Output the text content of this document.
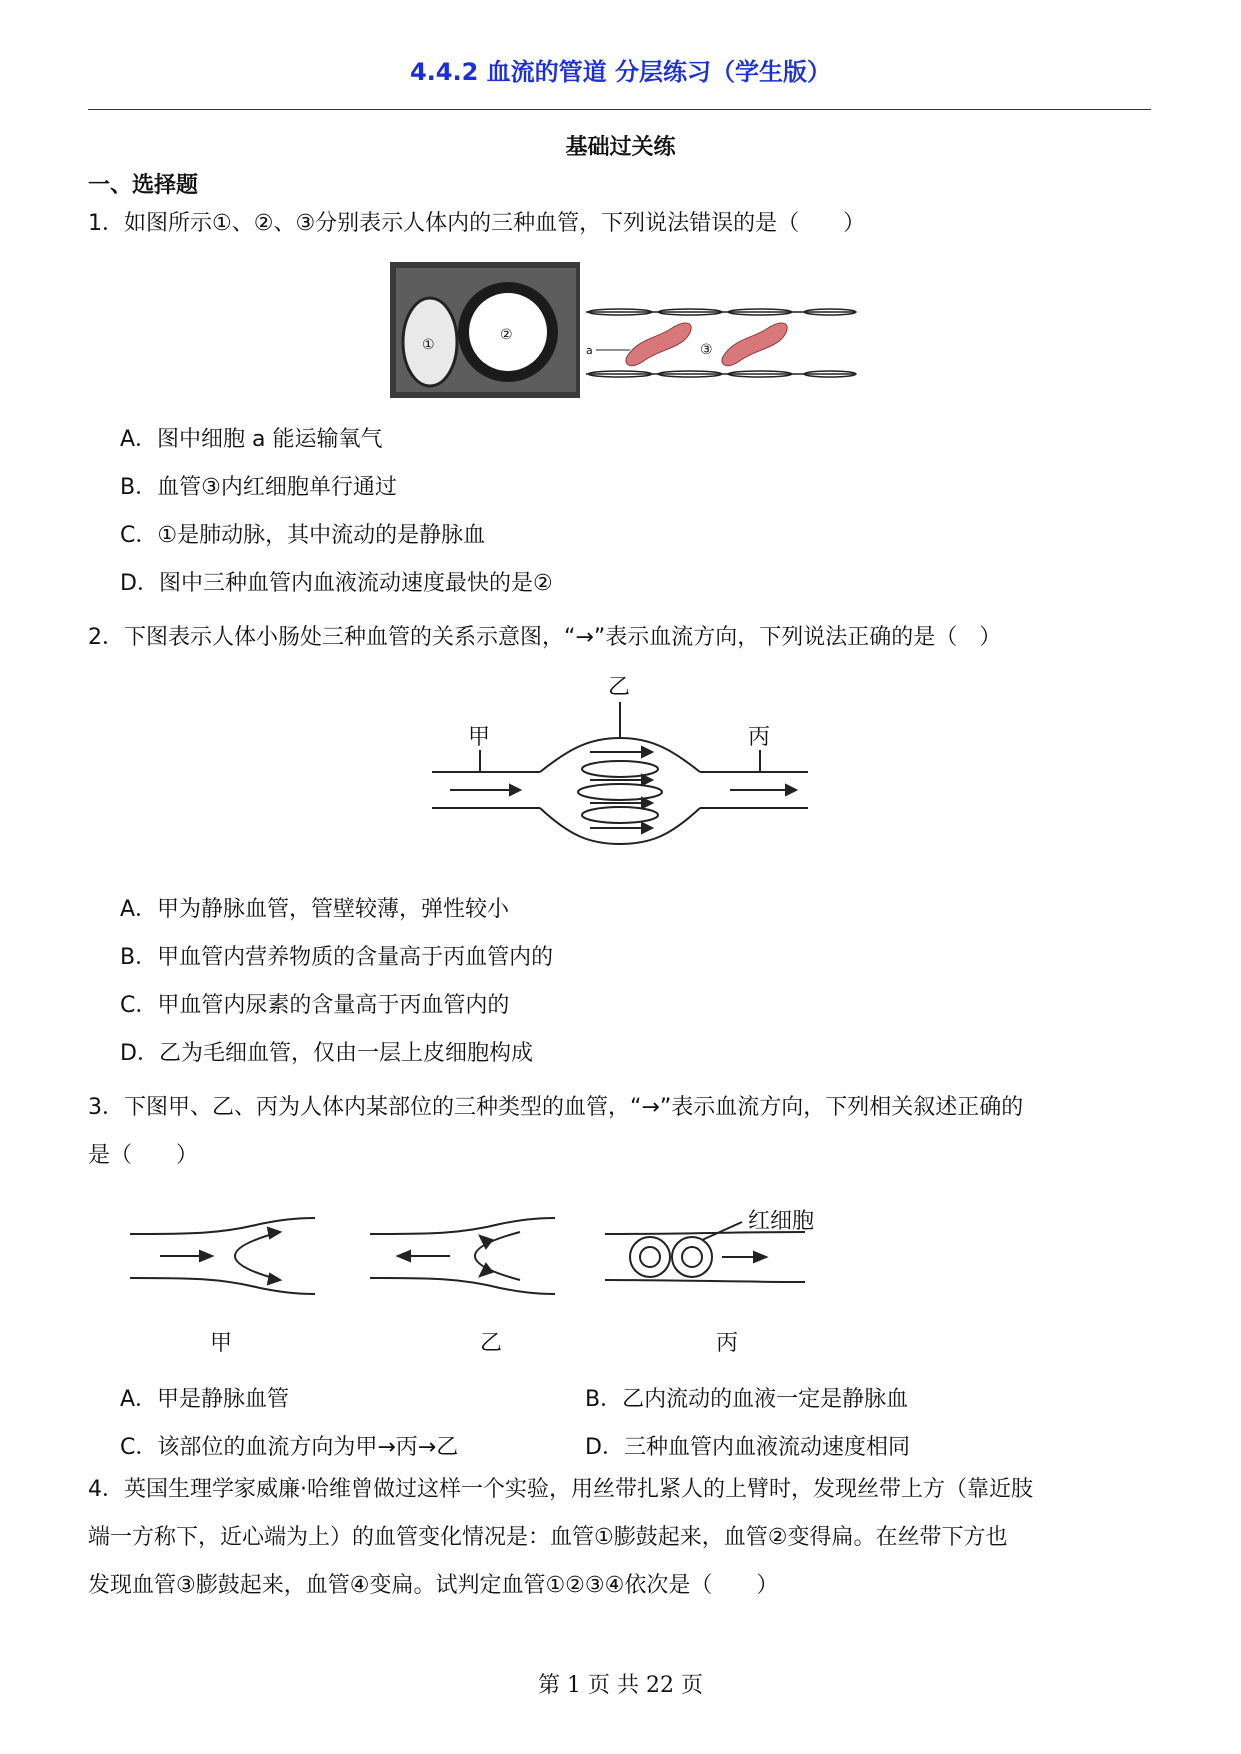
4.4.2 血流的管道 分层练习（学生版）
基础过关练
一、选择题
1．如图所示①、②、③分别表示人体内的三种血管，下列说法错误的是（　　）
①
②
a	③
A．图中细胞 a 能运输氧气
B．血管③内红细胞单行通过
C．①是肺动脉，其中流动的是静脉血
D．图中三种血管内血液流动速度最快的是②
2．下图表示人体小肠处三种血管的关系示意图，“→”表示血流方向，下列说法正确的是（　）
甲
乙
丙
A．甲为静脉血管，管壁较薄，弹性较小
B．甲血管内营养物质的含量高于丙血管内的
C．甲血管内尿素的含量高于丙血管内的
D．乙为毛细血管，仅由一层上皮细胞构成
3．下图甲、乙、丙为人体内某部位的三种类型的血管，“→”表示血流方向，下列相关叙述正确的
是（　　）
红细胞
甲	乙	丙
A．甲是静脉血管	B．乙内流动的血液一定是静脉血
C．该部位的血流方向为甲→丙→乙	D．三种血管内血液流动速度相同
4．英国生理学家威廉·哈维曾做过这样一个实验，用丝带扎紧人的上臂时，发现丝带上方（靠近肢
端一方称下，近心端为上）的血管变化情况是：血管①膨鼓起来，血管②变得扁。在丝带下方也
发现血管③膨鼓起来，血管④变扁。试判定血管①②③④依次是（　　）
第 1 页 共 22 页
